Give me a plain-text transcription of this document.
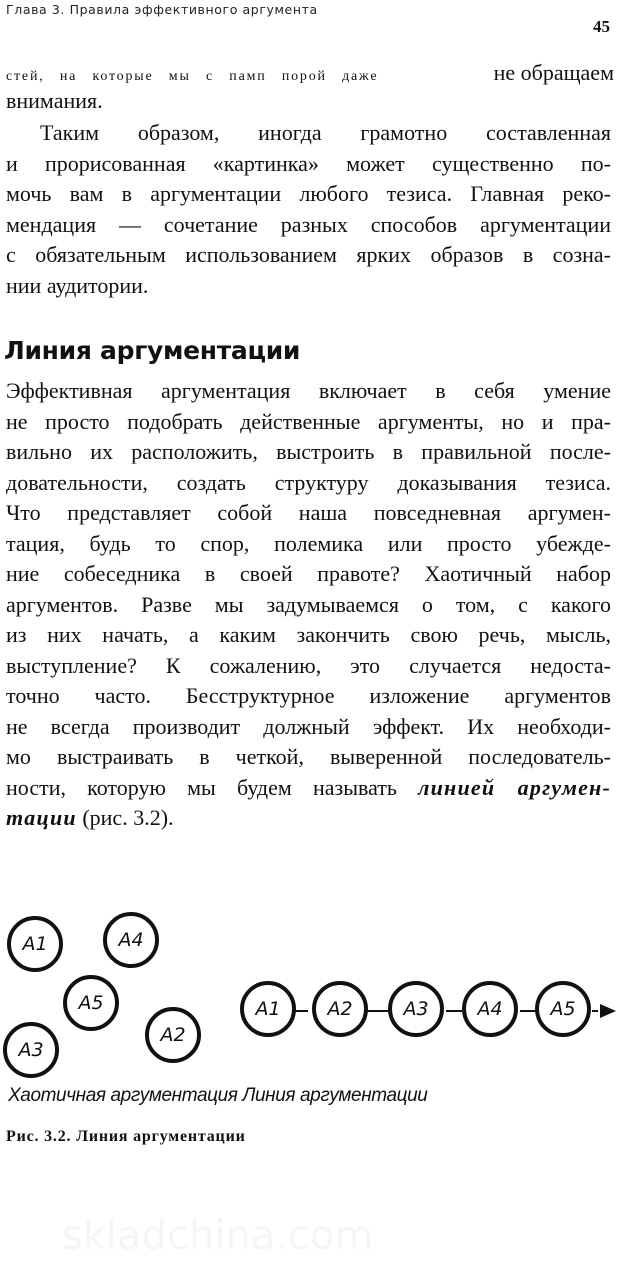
Глава 3. Правила эффективного аргумента
45
стей, на которые мы с памп порой даже	не обращаем
внимания.
Таким образом, иногда грамотно составленная
и прорисованная «картинка» может существенно по-
мочь вам в аргументации любого тезиса. Главная реко-
мендация — сочетание разных способов аргументации
с обязательным использованием ярких образов в созна-
нии аудитории.
Линия аргументации
Эффективная аргументация включает в себя умение
не просто подобрать действенные аргументы, но и пра-
вильно их расположить, выстроить в правильной после-
довательности, создать структуру доказывания тезиса.
Что представляет собой наша повседневная аргумен-
тация, будь то спор, полемика или просто убежде-
ние собеседника в своей правоте? Хаотичный набор
аргументов. Разве мы задумываемся о том, с какого
из них начать, а каким закончить свою речь, мысль,
выступление? К сожалению, это случается недоста-
точно часто. Бесструктурное изложение аргументов
не всегда производит должный эффект. Их необходи-
мо выстраивать в четкой, выверенной последователь-
ности, которую мы будем называть линией аргумен-
тации (рис. 3.2).
A1	A4
A5
A2
A3
A1	A2	A3	A4	A5
Хаотичная аргументация Линия аргументации
Рис. 3.2. Линия аргументации
skladchina.com
